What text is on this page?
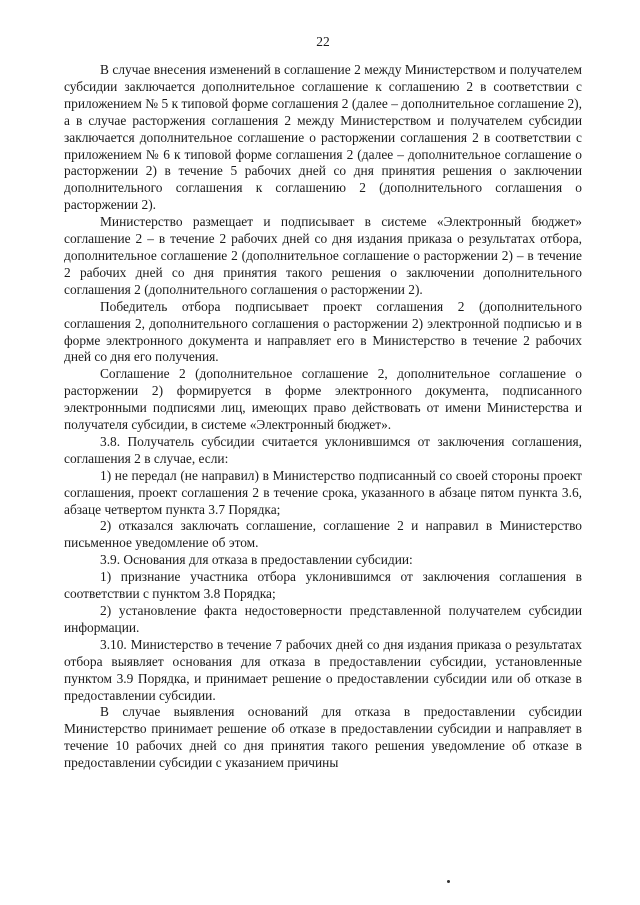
22

В случае внесения изменений в соглашение 2 между Министерством и получателем субсидии заключается дополнительное соглашение к соглашению 2 в соответствии с приложением № 5 к типовой форме соглашения 2 (далее – дополнительное соглашение 2), а в случае расторжения соглашения 2 между Министерством и получателем субсидии заключается дополнительное соглашение о расторжении соглашения 2 в соответствии с приложением № 6 к типовой форме соглашения 2 (далее – дополнительное соглашение о расторжении 2) в течение 5 рабочих дней со дня принятия решения о заключении дополнительного соглашения к соглашению 2 (дополнительного соглашения о расторжении 2).

Министерство размещает и подписывает в системе «Электронный бюджет» соглашение 2 – в течение 2 рабочих дней со дня издания приказа о результатах отбора, дополнительное соглашение 2 (дополнительное соглашение о расторжении 2) – в течение 2 рабочих дней со дня принятия такого решения о заключении дополнительного соглашения 2 (дополнительного соглашения о расторжении 2).

Победитель отбора подписывает проект соглашения 2 (дополнительного соглашения 2, дополнительного соглашения о расторжении 2) электронной подписью и в форме электронного документа и направляет его в Министерство в течение 2 рабочих дней со дня его получения.

Соглашение 2 (дополнительное соглашение 2, дополнительное соглашение о расторжении 2) формируется в форме электронного документа, подписанного электронными подписями лиц, имеющих право действовать от имени Министерства и получателя субсидии, в системе «Электронный бюджет».

3.8. Получатель субсидии считается уклонившимся от заключения соглашения, соглашения 2 в случае, если:

1) не передал (не направил) в Министерство подписанный со своей стороны проект соглашения, проект соглашения 2 в течение срока, указанного в абзаце пятом пункта 3.6, абзаце четвертом пункта 3.7 Порядка;

2) отказался заключать соглашение, соглашение 2 и направил в Министерство письменное уведомление об этом.

3.9. Основания для отказа в предоставлении субсидии:

1) признание участника отбора уклонившимся от заключения соглашения в соответствии с пунктом 3.8 Порядка;

2) установление факта недостоверности представленной получателем субсидии информации.

3.10. Министерство в течение 7 рабочих дней со дня издания приказа о результатах отбора выявляет основания для отказа в предоставлении субсидии, установленные пунктом 3.9 Порядка, и принимает решение о предоставлении субсидии или об отказе в предоставлении субсидии.

В случае выявления оснований для отказа в предоставлении субсидии Министерство принимает решение об отказе в предоставлении субсидии и направляет в течение 10 рабочих дней со дня принятия такого решения уведомление об отказе в предоставлении субсидии с указанием причины
